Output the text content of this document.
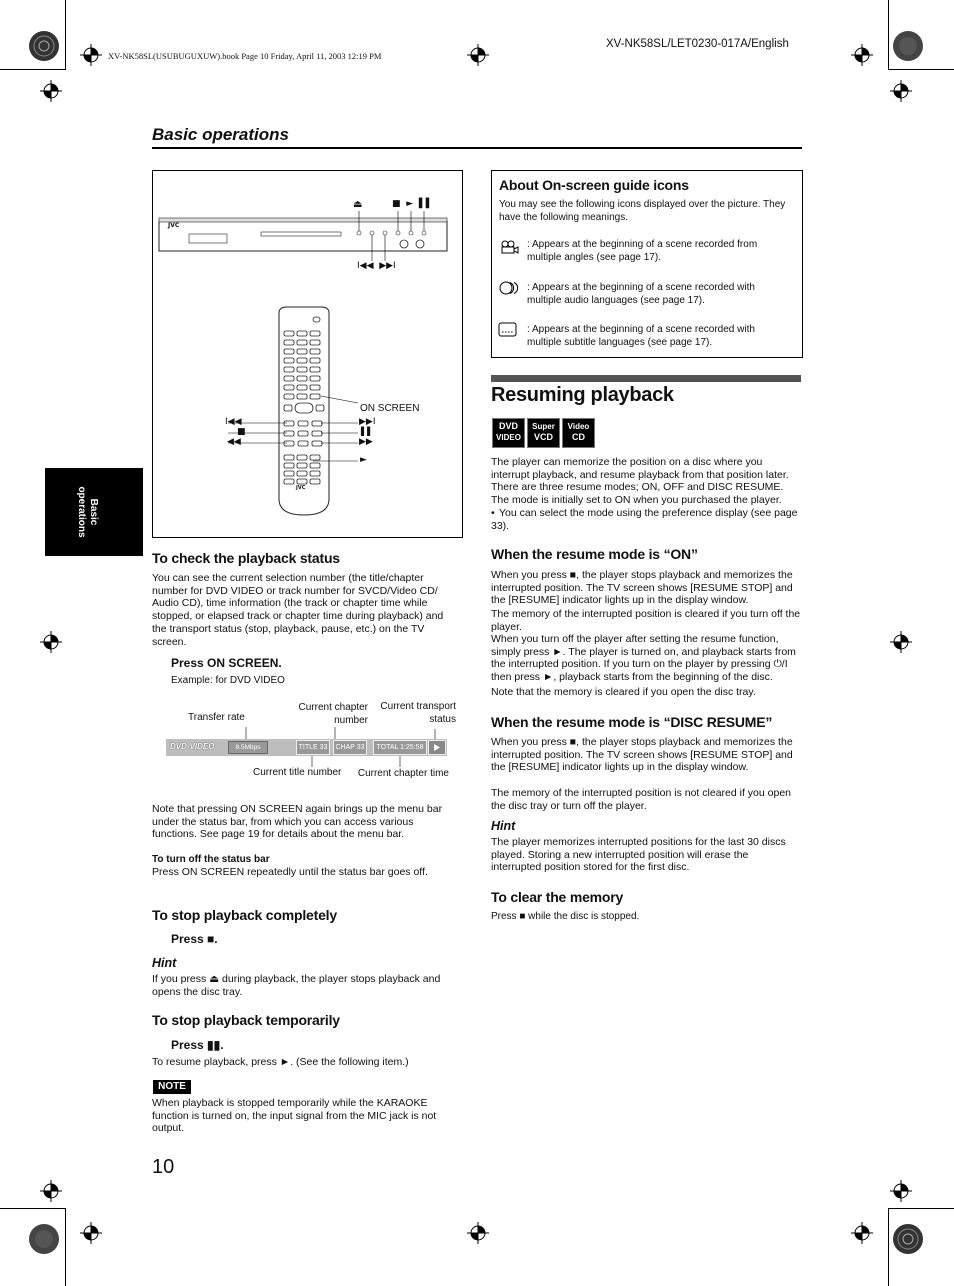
XV-NK58SL(USUBUGUXUW).book Page 10 Friday, April 11, 2003 12:19 PM
XV-NK58SL/LET0230-017A/English
Basic operations
Basic
operations
JVC
⏏	■  ►  ▌▌
I◀◀  ▶▶I
ON SCREEN
I◀◀
■
◀◀
▶▶I
▌▌
▶▶
►
JVC
To check the playback status
You can see the current selection number (the title/chapter number for DVD VIDEO or track number for SVCD/Video CD/ Audio CD), time information (the track or chapter time while stopped, or elapsed track or chapter time during playback) and the transport status (stop, playback, pause, etc.) on the TV screen.
Press ON SCREEN.
Example: for DVD VIDEO
Transfer rate
Current chapter number
Current transport status
DVD-VIDEO	8.5Mbps	TITLE 33	CHAP 33	TOTAL 1:25:58
Current title number Current chapter time
Note that pressing ON SCREEN again brings up the menu bar under the status bar, from which you can access various functions. See page 19 for details about the menu bar.
To turn off the status bar
Press ON SCREEN repeatedly until the status bar goes off.
To stop playback completely
Press ■.
Hint
If you press ⏏ during playback, the player stops playback and opens the disc tray.
To stop playback temporarily
Press ▮▮.
To resume playback, press ►. (See the following item.)
NOTE
When playback is stopped temporarily while the KARAOKE function is turned on, the input signal from the MIC jack is not output.
10
About On-screen guide icons
You may see the following icons displayed over the picture. They have the following meanings.
: Appears at the beginning of a scene recorded from multiple angles (see page 17).
: Appears at the beginning of a scene recorded with multiple audio languages (see page 17).
: Appears at the beginning of a scene recorded with multiple subtitle languages (see page 17).
Resuming playback
DVD
VIDEO
Super
VCD
Video
CD
The player can memorize the position on a disc where you interrupt playback, and resume playback from that position later. There are three resume modes; ON, OFF and DISC RESUME. The mode is initially set to ON when you purchased the player.
• You can select the mode using the preference display (see page 33).
When the resume mode is “ON”
When you press ■, the player stops playback and memorizes the interrupted position. The TV screen shows [RESUME STOP] and the [RESUME] indicator lights up in the display window.
The memory of the interrupted position is cleared if you turn off the player.
When you turn off the player after setting the resume function, simply press ►. The player is turned on, and playback starts from the interrupted position. If you turn on the player by pressing ⏻/I then press ►, playback starts from the beginning of the disc.
Note that the memory is cleared if you open the disc tray.
When the resume mode is “DISC RESUME”
When you press ■, the player stops playback and memorizes the interrupted position. The TV screen shows [RESUME STOP] and the [RESUME] indicator lights up in the display window.
The memory of the interrupted position is not cleared if you open the disc tray or turn off the player.
Hint
The player memorizes interrupted positions for the last 30 discs played. Storing a new interrupted position will erase the interrupted position stored for the first disc.
To clear the memory
Press ■ while the disc is stopped.
